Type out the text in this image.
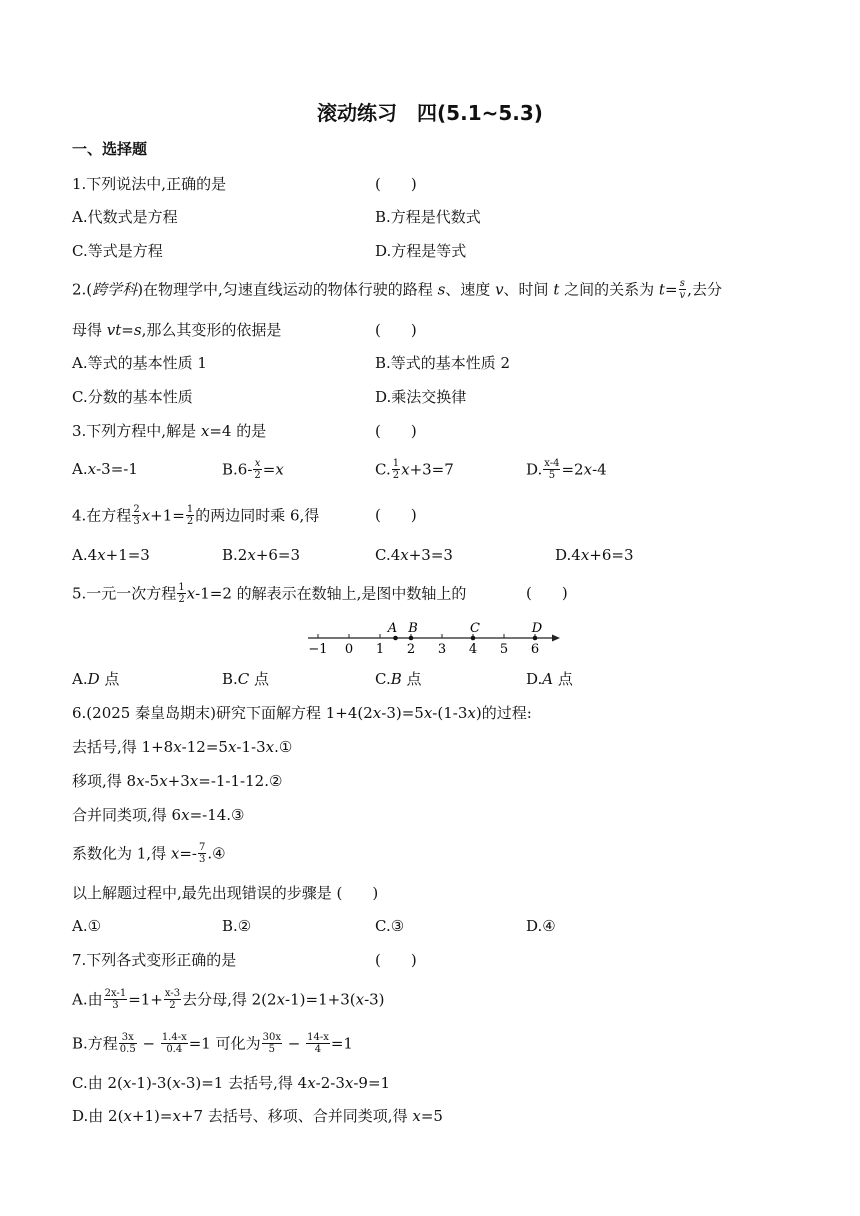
滚动练习　四(5.1~5.3)
一、选择题
1.下列说法中,正确的是	(　　)
A.代数式是方程	B.方程是代数式
C.等式是方程	D.方程是等式
2.(跨学科)在物理学中,匀速直线运动的物体行驶的路程 s、速度 v、时间 t 之间的关系为 $t= \frac{s}{v}$ ,去分
母得 vt=s,那么其变形的依据是	(　　)
A.等式的基本性质 1	B.等式的基本性质 2
C.分数的基本性质	D.乘法交换律
3.下列方程中,解是 x=4 的是	(　　)
A.x-3=-1	$B.6- \frac{x}{2} =x$	C. $\frac{1}{2} x+3=7$	D. $\frac{x-4}{5} =2x-4$
4.在方程 $\frac{2}{3} x+1= \frac{1}{2}$ 的两边同时乘 6,得	(　　)
A.4x+1=3	B.2x+6=3	C.4x+3=3	D.4x+6=3
5.一元一次方程 $\frac{1}{2} x-1=2$ 的解表示在数轴上,是图中数轴上的	(　　)
−1 0 1 2 3 4 5 6
A B	C	D
A.D 点	B.C 点	C.B 点	D.A 点
6.(2025 秦皇岛期末)研究下面解方程 1+4(2x-3)=5x-(1-3x)的过程:
去括号,得 1+8x-12=5x-1-3x.①
移项,得 8x-5x+3x=-1-1-12.②
合并同类项,得 6x=-14.③
系数化为 1,得 $x=- \frac{7}{3}$ .④
以上解题过程中,最先出现错误的步骤是 (　　)
A.①	B.②	C.③	D.④
7.下列各式变形正确的是	(　　)
A.由 $\frac{2x-1}{3} =1+ \frac{x-3}{2}$ 去分母,得 2(2x-1)=1+3(x-3)
B.方程 $\frac{3x}{0.5} - \frac{1.4-x}{0.4} =1$ 可化为 $\frac{30x}{5} - \frac{14-x}{4} =1$
C.由 2(x-1)-3(x-3)=1 去括号,得 4x-2-3x-9=1
D.由 2(x+1)=x+7 去括号、移项、合并同类项,得 x=5
